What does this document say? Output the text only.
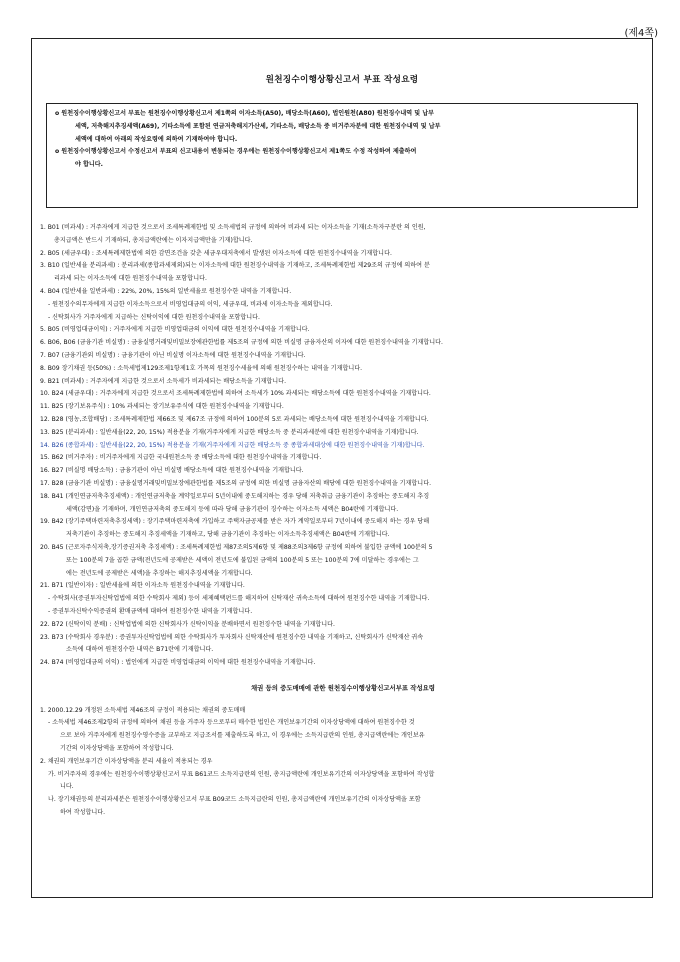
(제4쪽)
원천징수이행상황신고서 부표 작성요령
o 원천징수이행상황신고서 부표는 원천징수이행상황신고서 제1쪽의 이자소득(A50), 배당소득(A60), 법인원천(A80) 원천징수내역 및 납부
세액, 저축해지추징세액(A69), 기타소득에 포함된 연금저축해지가산세, 기타소득, 배당소득 중 비거주자분에 대한 원천징수내역 및 납부
세액에 대하여 아래의 작성요령에 의하여 기재하여야 합니다.
o 원천징수이행상황신고서 수정신고서 부표의 신고내용이 변동되는 경우에는 원천징수이행상황신고서 제1쪽도 수정 작성하여 제출하여
야 합니다.
1. B01 (비과세) : 거주자에게 지급한 것으로서 조세특례제한법 및 소득세법의 규정에 의하여 비과세 되는 이자소득을 기재(소득자구분란 의 인원,
총지급액은 반드시 기재하되, 총지급액란에는 이자지급액만을 기재)합니다.
2. B05 (세금우대) : 조세특례제한법에 의한 감면조건을 갖춘 세금우대저축에서 발생된 이자소득에 대한 원천징수내역을 기재합니다.
3. B10 (일반세율 분리과세) : 분리과세(종합과세제외)되는 이자소득에 대한 원천징수내역을 기재하고, 조세특례제한법 제29조의 규정에 의하여 분
리과세 되는 이자소득에 대한 원천징수내역을 포함합니다.
4. B04 (일반세율 일반과세) : 22%, 20%, 15%의 일반세율로 원천징수한 내역을 기재합니다.
- 원천징수의무자에게 지급한 이자소득으로서 비영업대금의 이익, 세금우대, 비과세 이자소득을 제외합니다.
- 신탁회사가 거주자에게 지급하는 신탁이익에 대한 원천징수내역을 포함합니다.
5. B05 (비영업대금이익) : 거주자에게 지급한 비영업대금의 이익에 대한 원천징수내역을 기재합니다.
6. B06, B06 (금융기관 비실명) : 금융실명거래및비밀보장에관한법률 제5조의 규정에 의한 비실명 금융자산의 이자에 대한 원천징수내역을 기재합니다.
7. B07 (금융기관외 비실명) : 금융기관이 아닌 비실명 이자소득에 대한 원천징수내역을 기재합니다.
8. B09 장기채권 등(50%) : 소득세법제129조제1항제1호 가목의 원천징수세율에 의해 원천징수하는 내역을 기재합니다.
9. B21 (비과세) : 거주자에게 지급한 것으로서 소득세가 비과세되는 배당소득을 기재합니다.
10. B24 (세금우대) : 거주자에게 지급한 것으로서 조세특례제한법에 의하여 소득세가 10% 과세되는 배당소득에 대한 원천징수내역을 기재합니다.
11. B25 (장기보유주식) : 10% 과세되는 장기보유주식에 대한 원천징수내역을 기재합니다.
12. B28 (영농,조합배당) : 조세특례제한법 제66조 및 제67조 규정에 의하여 100분의 5로 과세되는 배당소득에 대한 원천징수내역을 기재합니다.
13. B25 (분리과세) : 일반세율(22, 20, 15%) 적용분을 기재(거주자에게 지급한 배당소득 중 분리과세분에 대한 원천징수내역을 기재)합니다.
14. B26 (종합과세) : 일반세율(22, 20, 15%) 적용분을 기재(거주자에게 지급한 배당소득 중 종합과세대상에 대한 원천징수내역을 기재)합니다.
15. B62 (비거주자) : 비거주자에게 지급한 국내원천소득 중 배당소득에 대한 원천징수내역을 기재합니다.
16. B27 (비실명 배당소득) : 금융기관이 아닌 비실명 배당소득에 대한 원천징수내역을 기재합니다.
17. B28 (금융기관 비실명) : 금융실명거래및비밀보장에관한법률 제5조의 규정에 의한 비실명 금융자산의 배당에 대한 원천징수내역을 기재합니다.
18. B41 (개인연금저축추징세액) : 개인연금저축을 계약일로부터 5년이내에 중도해지하는 경우 당해 저축취급 금융기관이 추징하는 중도해지 추징
세액(감면)을 기재하며, 개인연금저축의 중도해지 등에 따라 당해 금융기관이 징수하는 이자소득 세액은 B04란에 기재합니다.
19. B42 (장기주택마련저축추징세액) : 장기주택마련저축에 가입하고 주택자금공제를 받은 자가 계약일로부터 7년이내에 중도해지 하는 경우 당해
저축기관이 추징하는 중도해지 추징세액을 기재하고, 당해 금융기관이 추징하는 이자소득추징세액은 B04란에 기재합니다.
20. B45 (근로자주식저축,장기증권저축 추징세액) : 조세특례제한법 제87조의5제6항 및 제88조의3제6항 규정에 의하여 불입한 금액에 100분의 5
또는 100분의 7을 곱한 금액(전년도에 공제받은 세액이 전년도에 불입된 금액의 100분의 5 또는 100분의 7에 미달하는 경우에는 그
에는 전년도에 공제받은 세액)을 추징하는 해지추징세액을 기재합니다.
21. B71 (일반이자) : 일반세율에 의한 이자소득 원천징수내역을 기재합니다.
- 수탁회사(증권투자신탁업법에 의한 수탁회사 제외) 등이 세제혜택펀드를 해지하여 신탁재산 귀속소득에 대하여 원천징수한 내역을 기재합니다.
- 증권투자신탁수익증권의 환매금액에 대하여 원천징수한 내역을 기재합니다.
22. B72 (신탁이익 분배) : 신탁업법에 의한 신탁회사가 신탁이익을 분배하면서 원천징수한 내역을 기재합니다.
23. B73 (수탁회사 경우분) : 증권투자신탁업법에 의한 수탁회사가 투자회사 신탁재산에 원천징수한 내역을 기재하고, 신탁회사가 신탁재산 귀속
소득에 대하여 원천징수한 내역은 B71란에 기재합니다.
24. B74 (비영업대금의 이익) : 법인에게 지급한 비영업대금의 이익에 대한 원천징수내역을 기재합니다.
채권 등의 중도매매에 관한 원천징수이행상황신고서부표 작성요령
1. 2000.12.29 개정된 소득세법 제46조의 규정이 적용되는 채권의 중도매매
- 소득세법 제46조제2항의 규정에 의하여 채권 등을 거주자 등으로부터 매수한 법인은 개인보유기간의 이자상당액에 대하여 원천징수한 것
으로 보아 거주자에게 원천징수영수증을 교부하고 지급조서를 제출하도록 하고, 이 경우에는 소득지급란의 인원, 총지급액란에는 개인보유
기간의 이자상당액을 포함하여 작성합니다.
2. 채권의 개인보유기간 이자상당액을 분리 세율이 적용되는 경우
가. 비거주자의 경우에는 원천징수이행상황신고서 부표 B61코드 소득지급란의 인원, 총지급액란에 개인보유기간의 이자상당액을 포함하여 작성합
니다.
나. 장기채권등의 분리과세분은 원천징수이행상황신고서 부표 B09코드 소득지급란의 인원, 총지급액란에 개인보유기간의 이자상당액을 포함
하여 작성합니다.
